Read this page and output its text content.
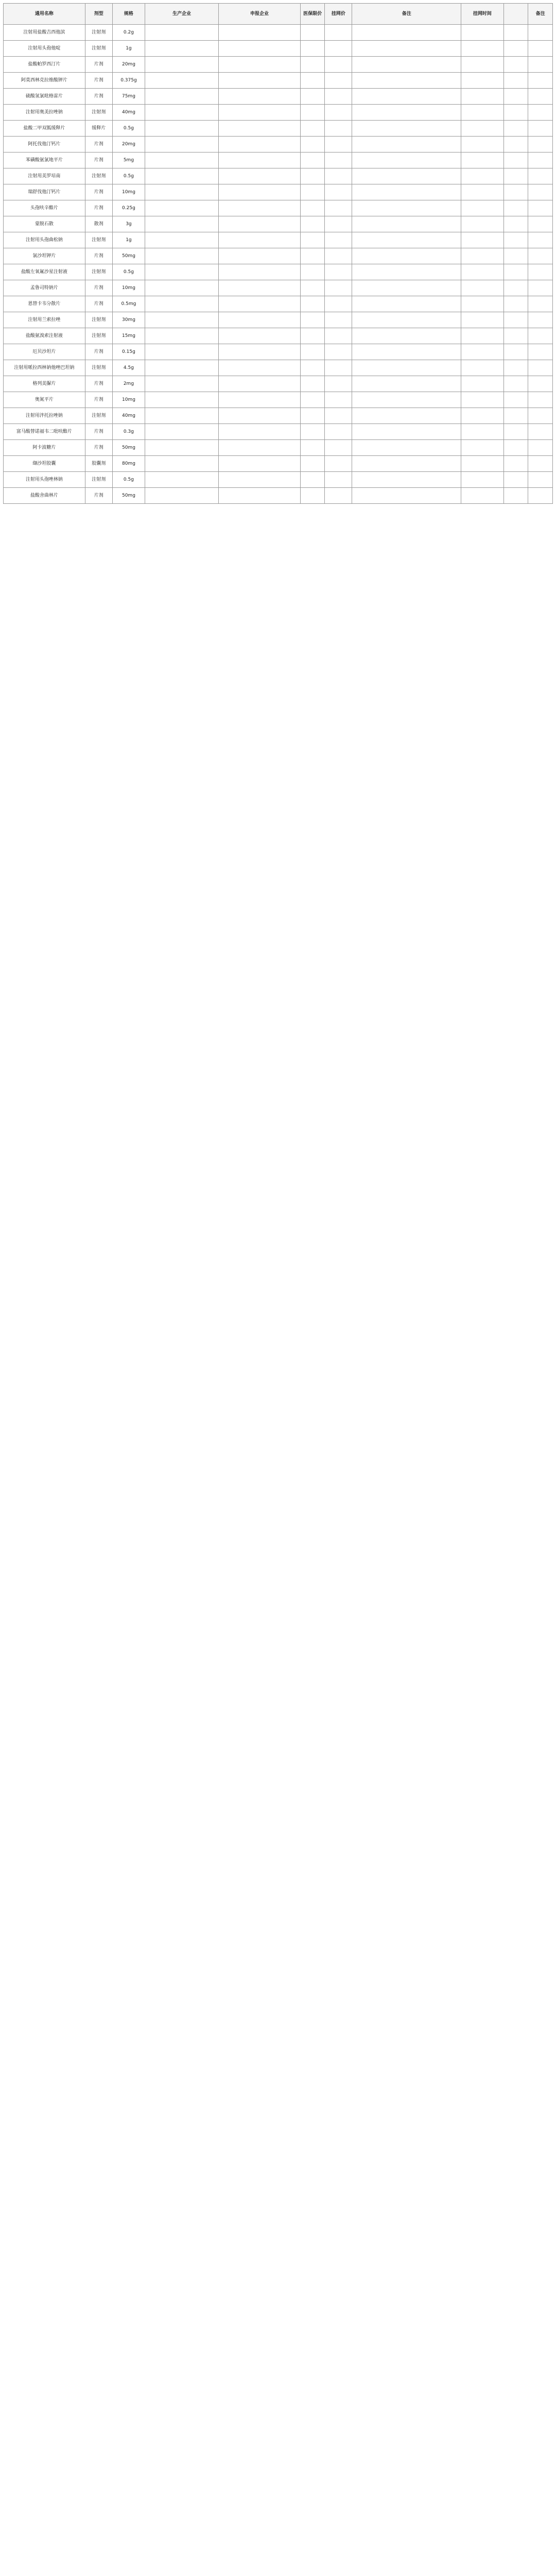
通用名称	剂型	规格	生产企业	申报企业	医保限价	挂网价	备注	挂网时间		备注
注射用盐酸吉西他滨	注射剂	0.2g								
注射用头孢他啶	注射剂	1g								
盐酸帕罗西汀片	片剂	20mg								
阿莫西林克拉维酸钾片	片剂	0.375g								
硫酸氢氯吡格雷片	片剂	75mg								
注射用奥美拉唑钠	注射剂	40mg								
盐酸二甲双胍缓释片	缓释片	0.5g								
阿托伐他汀钙片	片剂	20mg								
苯磺酸氨氯地平片	片剂	5mg								
注射用美罗培南	注射剂	0.5g								
瑞舒伐他汀钙片	片剂	10mg								
头孢呋辛酯片	片剂	0.25g								
蒙脱石散	散剂	3g								
注射用头孢曲松钠	注射剂	1g								
氯沙坦钾片	片剂	50mg								
盐酸左氧氟沙星注射液	注射剂	0.5g								
孟鲁司特钠片	片剂	10mg								
恩替卡韦分散片	片剂	0.5mg								
注射用兰索拉唑	注射剂	30mg								
盐酸氨溴索注射液	注射剂	15mg								
厄贝沙坦片	片剂	0.15g								
注射用哌拉西林钠他唑巴坦钠	注射剂	4.5g								
格列美脲片	片剂	2mg								
奥氮平片	片剂	10mg								
注射用泮托拉唑钠	注射剂	40mg								
富马酸替诺福韦二吡呋酯片	片剂	0.3g								
阿卡波糖片	片剂	50mg								
缬沙坦胶囊	胶囊剂	80mg								
注射用头孢唑林钠	注射剂	0.5g								
盐酸舍曲林片	片剂	50mg								
